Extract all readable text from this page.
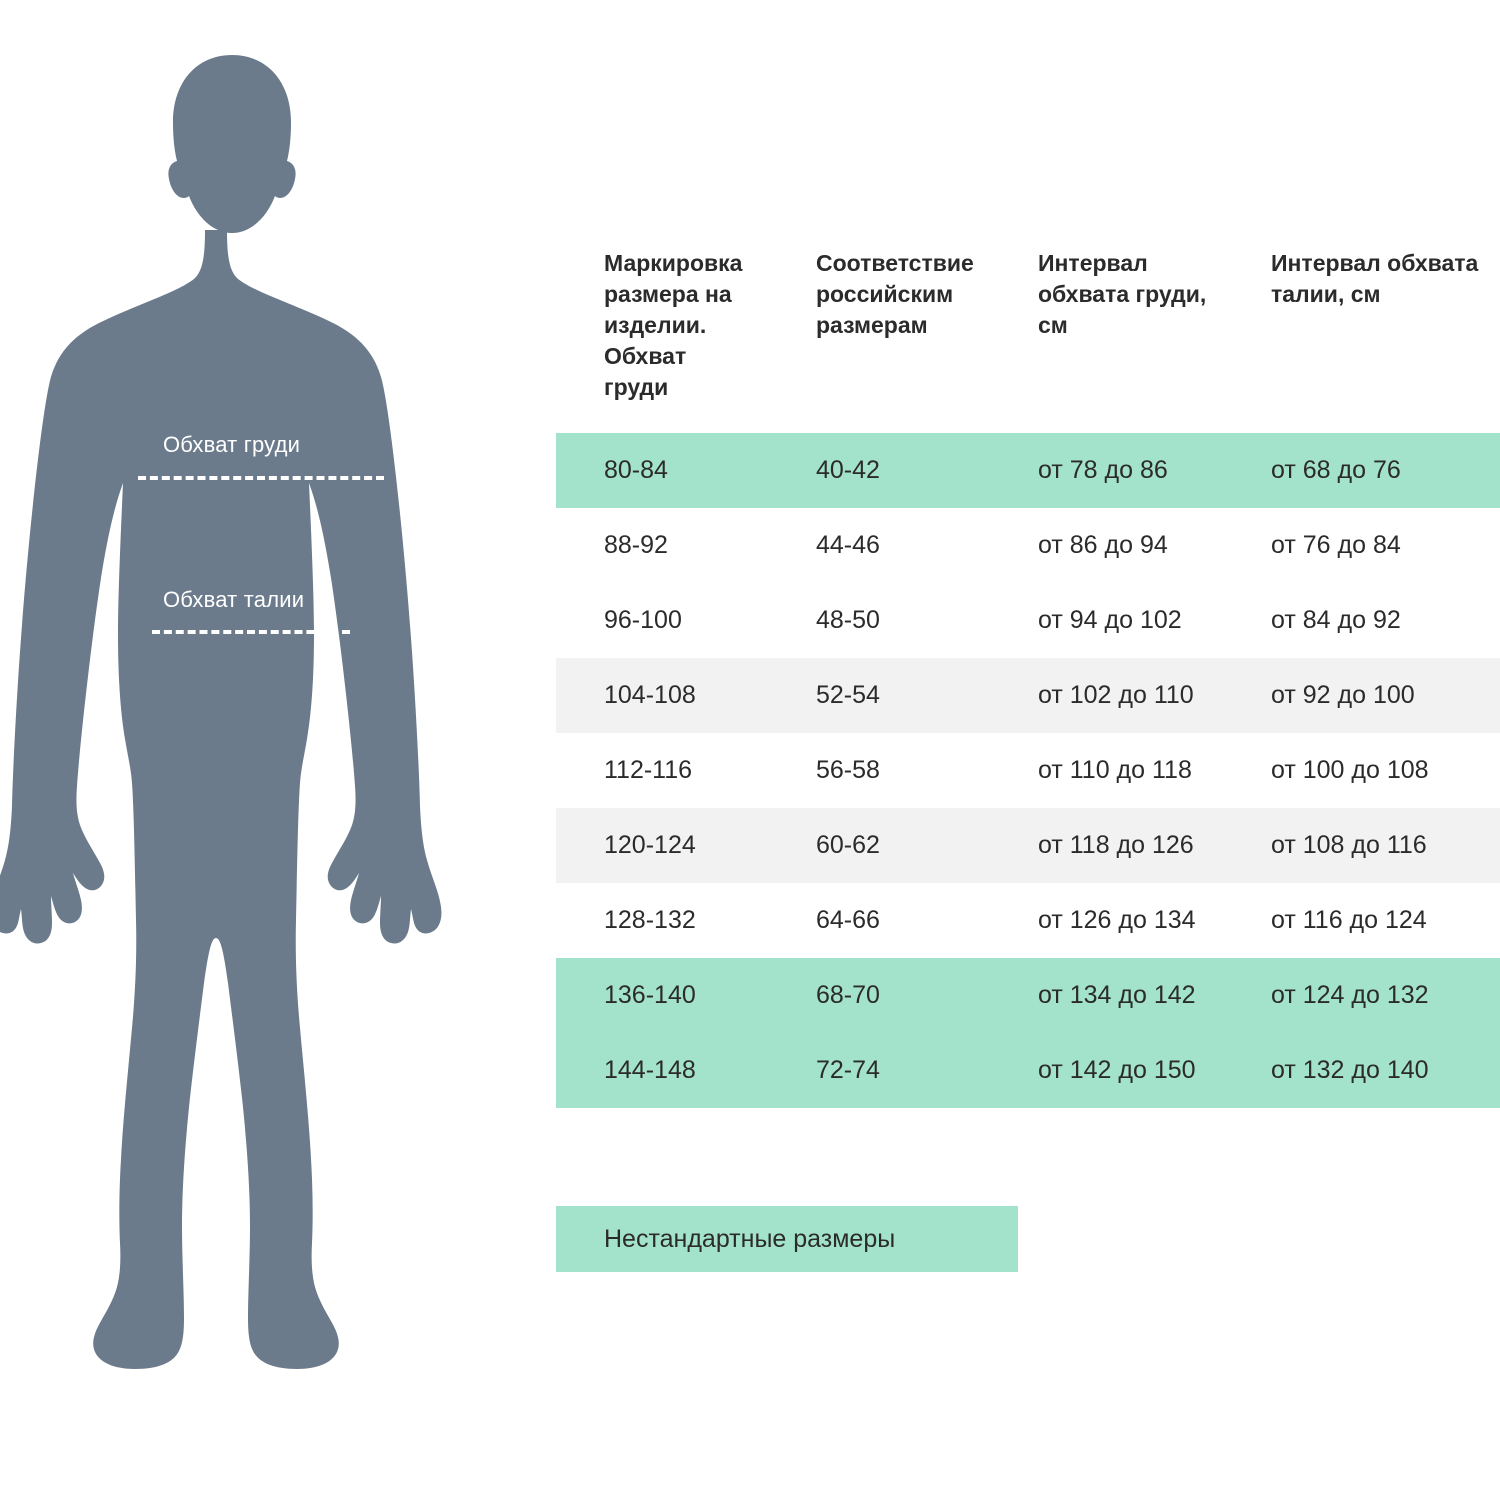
Обхват груди
Обхват талии
Маркировка размера на изделии. Обхват груди	Соответствие российским размерам	Интервал обхвата груди, см	Интервал обхвата талии, см
80-84	40-42	от 78 до 86	от 68 до 76
88-92	44-46	от 86 до 94	от 76 до 84
96-100	48-50	от 94 до 102	от 84 до 92
104-108	52-54	от 102 до 110	от 92 до 100
112-116	56-58	от 110 до 118	от 100 до 108
120-124	60-62	от 118 до 126	от 108 до 116
128-132	64-66	от 126 до 134	от 116 до 124
136-140	68-70	от 134 до 142	от 124 до 132
144-148	72-74	от 142 до 150	от 132 до 140
Нестандартные размеры
